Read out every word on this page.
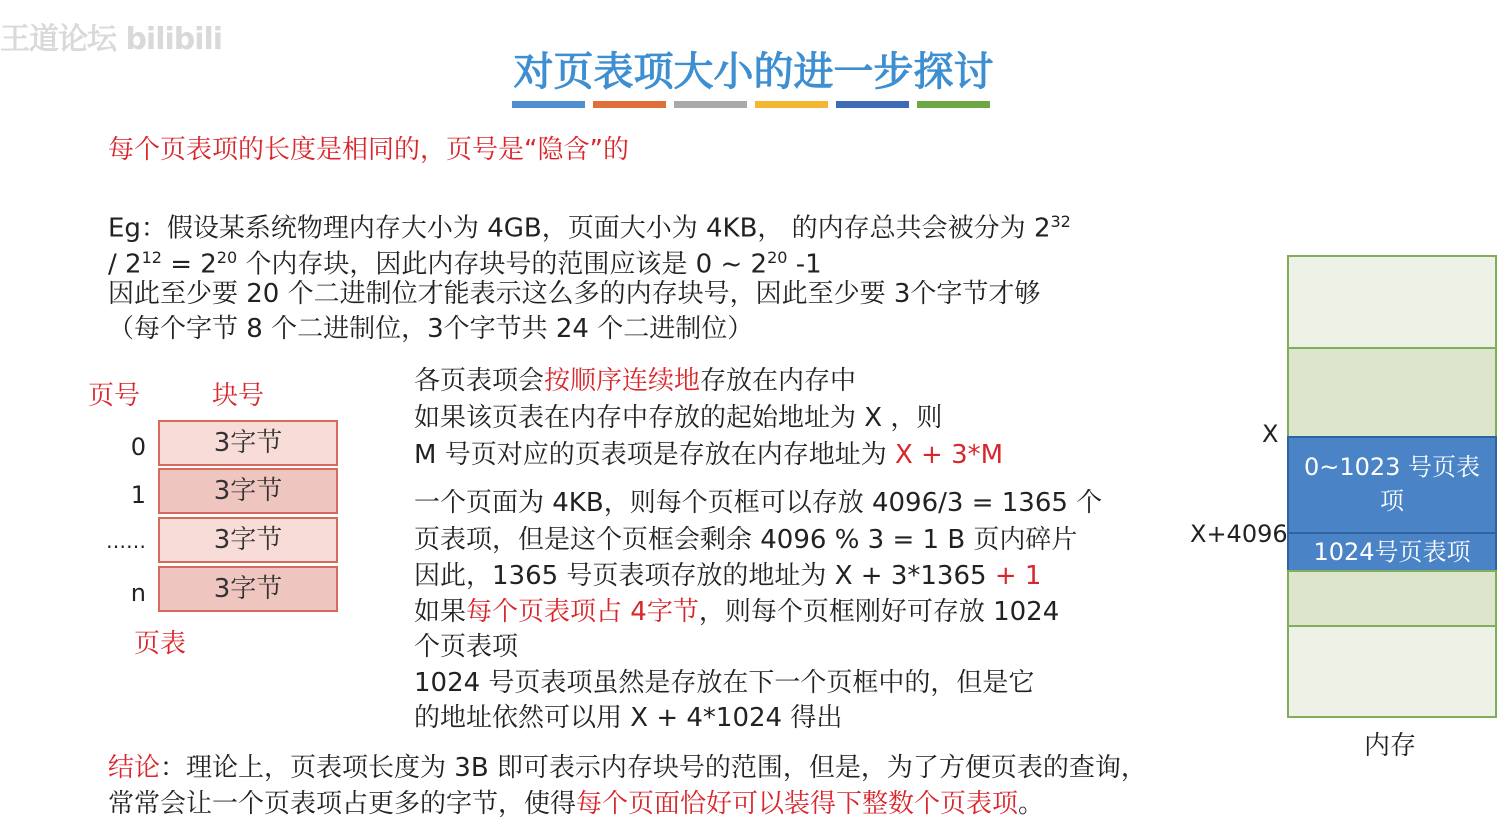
王道论坛 bilibili
对页表项大小的进一步探讨
每个页表项的长度是相同的，页号是“隐含”的
Eg：假设某系统物理内存大小为 4GB，页面大小为 4KB， 的内存总共会被分为 $2^{32}$
/ $2^{12} = 2^{20}$ 个内存块，因此内存块号的范围应该是 0 ~ $2^{20}$ -1
因此至少要 20 个二进制位才能表示这么多的内存块号，因此至少要 3个字节才够
（每个字节 8 个二进制位，3个字节共 24 个二进制位）
页号	块号
0	3字节
1	3字节
……	3字节
n	3字节
页表
各页表项会按顺序连续地存放在内存中
如果该页表在内存中存放的起始地址为 X ，则
M 号页对应的页表项是存放在内存地址为 X + 3*M
一个页面为 4KB，则每个页框可以存放 4096/3 = 1365 个
页表项，但是这个页框会剩余 4096 % 3 = 1 B 页内碎片
因此，1365 号页表项存放的地址为 X + 3*1365 + 1
如果每个页表项占 4字节，则每个页框刚好可存放 1024
个页表项
1024 号页表项虽然是存放在下一个页框中的，但是它
的地址依然可以用 X + 4*1024 得出
0~1023 号页表项
1024号页表项
X
X+4096
内存
结论：理论上，页表项长度为 3B 即可表示内存块号的范围，但是，为了方便页表的查询，
常常会让一个页表项占更多的字节，使得每个页面恰好可以装得下整数个页表项。
